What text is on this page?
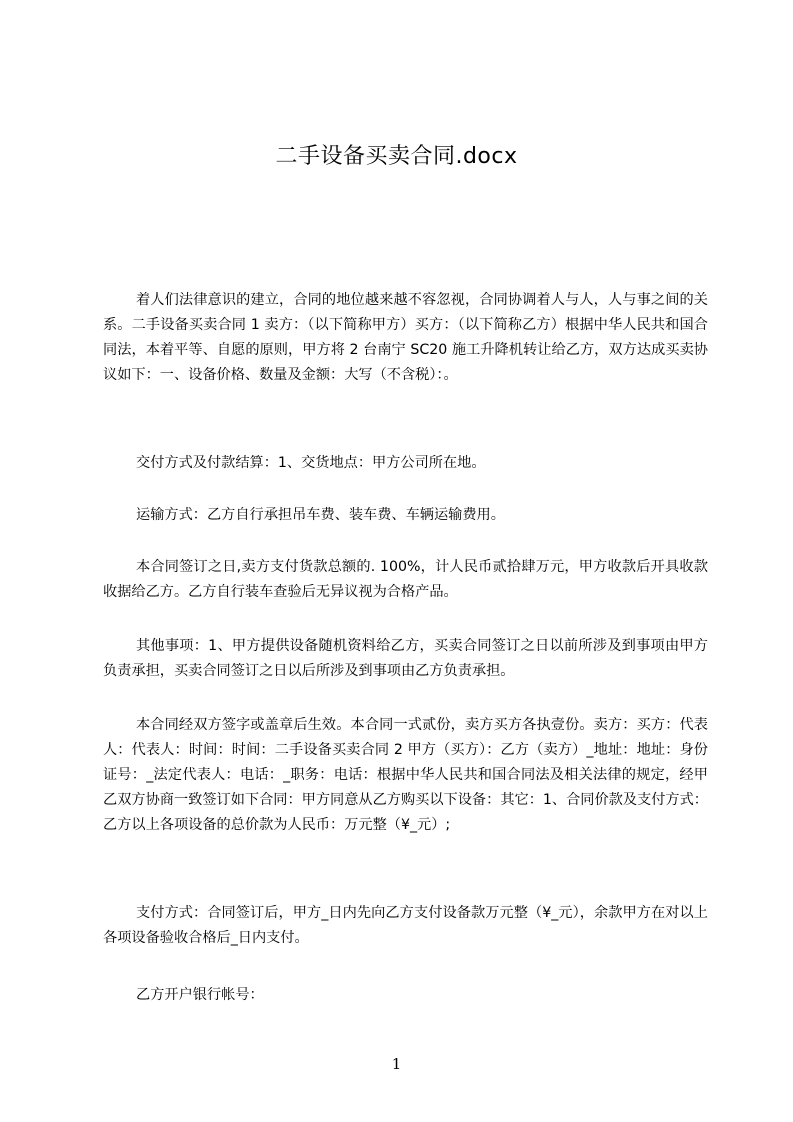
二手设备买卖合同.docx

着人们法律意识的建立，合同的地位越来越不容忽视，合同协调着人与人，人与事之间的关系。二手设备买卖合同 1 卖方：（以下简称甲方）买方：（以下简称乙方）根据中华人民共和国合同法，本着平等、自愿的原则，甲方将 2 台南宁 SC20 施工升降机转让给乙方，双方达成买卖协议如下：一、设备价格、数量及金额：大写（不含税）：。

交付方式及付款结算：1、交货地点：甲方公司所在地。

运输方式：乙方自行承担吊车费、装车费、车辆运输费用。

本合同签订之日,卖方支付货款总额的. 100%，计人民币贰拾肆万元，甲方收款后开具收款收据给乙方。乙方自行装车查验后无异议视为合格产品。

其他事项：1、甲方提供设备随机资料给乙方，买卖合同签订之日以前所涉及到事项由甲方负责承担，买卖合同签订之日以后所涉及到事项由乙方负责承担。

本合同经双方签字或盖章后生效。本合同一式贰份，卖方买方各执壹份。卖方：买方：代表人：代表人：时间：时间：二手设备买卖合同 2 甲方（买方）：乙方（卖方）_地址：地址：身份证号：_法定代表人：电话：_职务：电话：根据中华人民共和国合同法及相关法律的规定，经甲乙双方协商一致签订如下合同：甲方同意从乙方购买以下设备：其它：1、合同价款及支付方式：乙方以上各项设备的总价款为人民币：万元整（¥_元）;

支付方式：合同签订后，甲方_日内先向乙方支付设备款万元整（¥_元），余款甲方在对以上各项设备验收合格后_日内支付。

乙方开户银行帐号：

1
